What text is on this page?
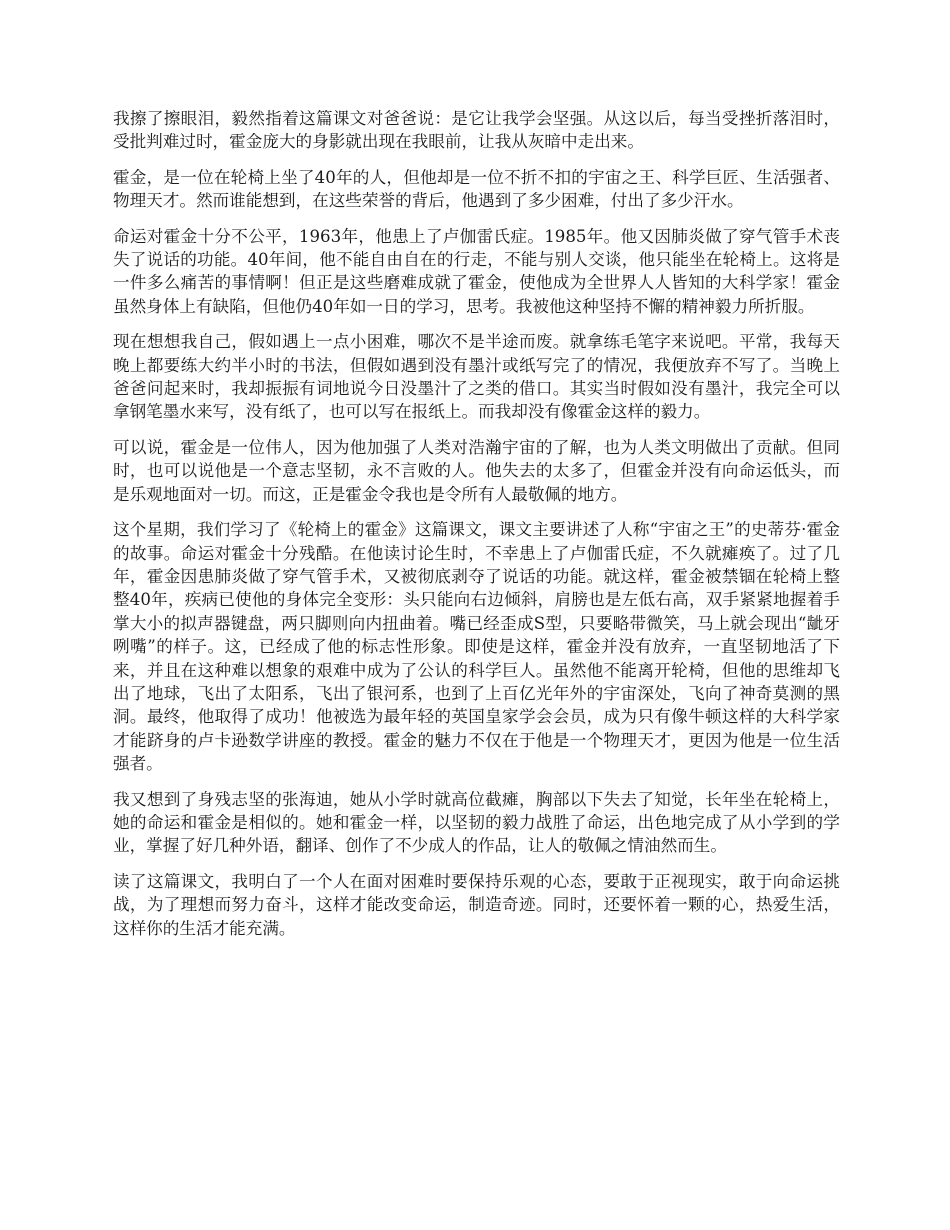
我擦了擦眼泪，毅然指着这篇课文对爸爸说：是它让我学会坚强。从这以后，每当受挫折落泪时，受批判难过时，霍金庞大的身影就出现在我眼前，让我从灰暗中走出来。

霍金，是一位在轮椅上坐了40年的人，但他却是一位不折不扣的宇宙之王、科学巨匠、生活强者、物理天才。然而谁能想到，在这些荣誉的背后，他遇到了多少困难，付出了多少汗水。

命运对霍金十分不公平，1963年，他患上了卢伽雷氏症。1985年。他又因肺炎做了穿气管手术丧失了说话的功能。40年间，他不能自由自在的行走，不能与别人交谈，他只能坐在轮椅上。这将是一件多么痛苦的事情啊！但正是这些磨难成就了霍金，使他成为全世界人人皆知的大科学家！霍金虽然身体上有缺陷，但他仍40年如一日的学习，思考。我被他这种坚持不懈的精神毅力所折服。

现在想想我自己，假如遇上一点小困难，哪次不是半途而废。就拿练毛笔字来说吧。平常，我每天晚上都要练大约半小时的书法，但假如遇到没有墨汁或纸写完了的情况，我便放弃不写了。当晚上爸爸问起来时，我却振振有词地说今日没墨汁了之类的借口。其实当时假如没有墨汁，我完全可以拿钢笔墨水来写，没有纸了，也可以写在报纸上。而我却没有像霍金这样的毅力。

可以说，霍金是一位伟人，因为他加强了人类对浩瀚宇宙的了解，也为人类文明做出了贡献。但同时，也可以说他是一个意志坚韧，永不言败的人。他失去的太多了，但霍金并没有向命运低头，而是乐观地面对一切。而这，正是霍金令我也是令所有人最敬佩的地方。

这个星期，我们学习了《轮椅上的霍金》这篇课文，课文主要讲述了人称“宇宙之王”的史蒂芬·霍金的故事。命运对霍金十分残酷。在他读讨论生时，不幸患上了卢伽雷氏症，不久就瘫痪了。过了几年，霍金因患肺炎做了穿气管手术，又被彻底剥夺了说话的功能。就这样，霍金被禁锢在轮椅上整整40年，疾病已使他的身体完全变形：头只能向右边倾斜，肩膀也是左低右高，双手紧紧地握着手掌大小的拟声器键盘，两只脚则向内扭曲着。嘴已经歪成S型，只要略带微笑，马上就会现出“龇牙咧嘴”的样子。这，已经成了他的标志性形象。即使是这样，霍金并没有放弃，一直坚韧地活了下来，并且在这种难以想象的艰难中成为了公认的科学巨人。虽然他不能离开轮椅，但他的思维却飞出了地球，飞出了太阳系，飞出了银河系，也到了上百亿光年外的宇宙深处，飞向了神奇莫测的黑洞。最终，他取得了成功！他被选为最年轻的英国皇家学会会员，成为只有像牛顿这样的大科学家才能跻身的卢卡逊数学讲座的教授。霍金的魅力不仅在于他是一个物理天才，更因为他是一位生活强者。

我又想到了身残志坚的张海迪，她从小学时就高位截瘫，胸部以下失去了知觉，长年坐在轮椅上，她的命运和霍金是相似的。她和霍金一样，以坚韧的毅力战胜了命运，出色地完成了从小学到的学业，掌握了好几种外语，翻译、创作了不少成人的作品，让人的敬佩之情油然而生。

读了这篇课文，我明白了一个人在面对困难时要保持乐观的心态，要敢于正视现实，敢于向命运挑战，为了理想而努力奋斗，这样才能改变命运，制造奇迹。同时，还要怀着一颗的心，热爱生活，这样你的生活才能充满。
